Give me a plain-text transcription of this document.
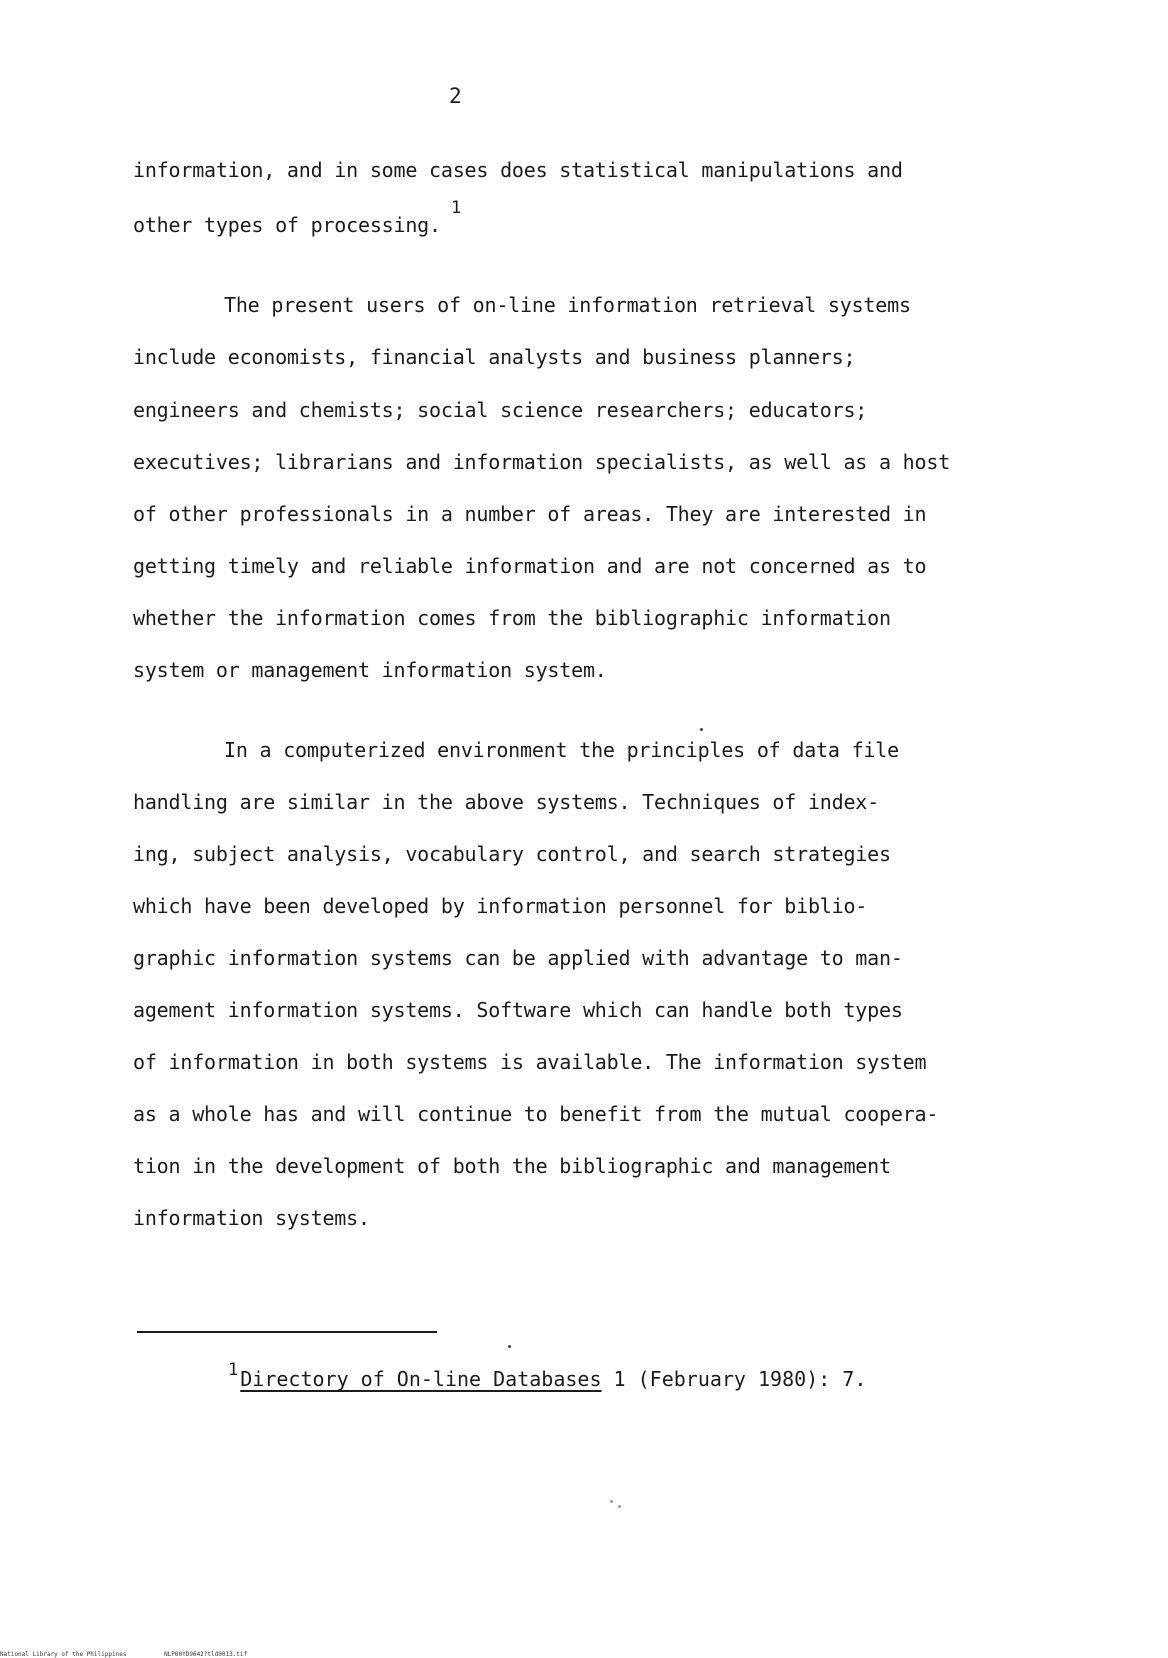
2
information, and in some cases does statistical manipulations and
other types of processing.
1
The present users of on-line information retrieval systems
include economists, financial analysts and business planners;
engineers and chemists; social science researchers; educators;
executives; librarians and information specialists, as well as a host
of other professionals in a number of areas. They are interested in
getting timely and reliable information and are not concerned as to
whether the information comes from the bibliographic information
system or management information system.
In a computerized environment the principles of data file
handling are similar in the above systems. Techniques of index-
ing, subject analysis, vocabulary control, and search strategies
which have been developed by information personnel for biblio-
graphic information systems can be applied with advantage to man-
agement information systems. Software which can handle both types
of information in both systems is available. The information system
as a whole has and will continue to benefit from the mutual coopera-
tion in the development of both the bibliographic and management
information systems.
$^1$ Directory of On-line Databases 1 (February 1980): 7.
National Library of the Philippines	NLP00YD9642?tld0013.tif
